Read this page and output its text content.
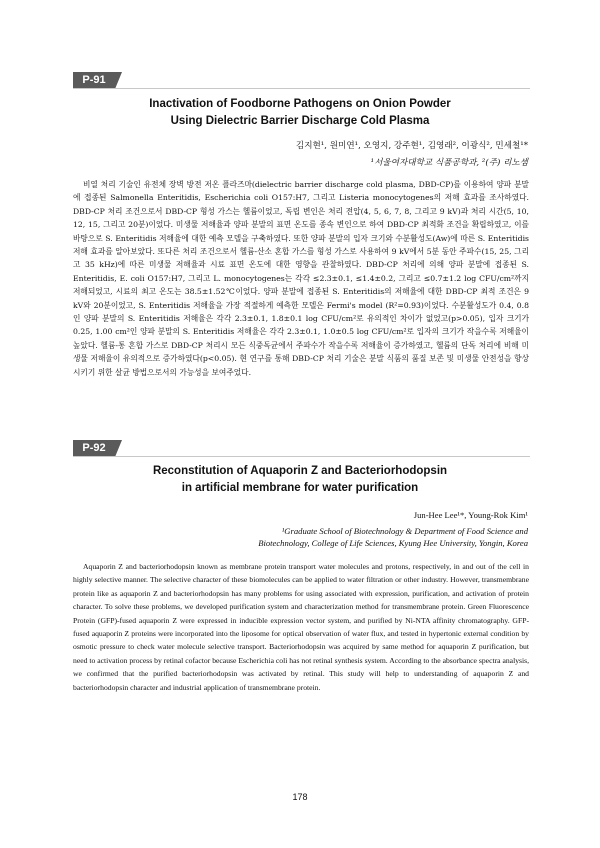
P-91
Inactivation of Foodborne Pathogens on Onion Powder
Using Dielectric Barrier Discharge Cold Plasma
김지현¹, 원미연¹, 오영지, 강주현¹, 김영래², 이광식², 민세철¹*
¹서울여자대학교 식품공학과, ²(주) 리노셈

비열 처리 기술인 유전체 장벽 방전 저온 플라즈마(dielectric barrier discharge cold plasma, DBD-CP)를 이용하여 양파 분말에 접종된 Salmonella Enteritidis, Escherichia coli O157:H7, 그리고 Listeria monocytogenes의 저해 효과를 조사하였다. DBD-CP 처리 조건으로서 DBD-CP 형성 가스는 헬륨이었고, 독립 변인은 처리 전압(4, 5, 6, 7, 8, 그리고 9 kV)과 처리 시간(5, 10, 12, 15, 그리고 20분)이었다. 미생물 저해율과 양파 분말의 표면 온도를 종속 변인으로 하여 DBD-CP 최적화 조건을 확립하였고, 이를 바탕으로 S. Enteritidis 저해율에 대한 예측 모델을 구축하였다. 또한 양파 분말의 입자 크기와 수분활성도(Aw)에 따른 S. Enteritidis 저해 효과를 알아보았다. 또다른 처리 조건으로서 헬륨-산소 혼합 가스를 형성 가스로 사용하여 9 kV에서 5분 동안 주파수(15, 25, 그리고 35 kHz)에 따른 미생물 저해율과 시료 표면 온도에 대한 영향을 관찰하였다. DBD-CP 처리에 의해 양파 분말에 접종된 S. Enteritidis, E. coli O157:H7, 그리고 L. monocytogenes는 각각 ≤2.3±0.1, ≤1.4±0.2, 그리고 ≤0.7±1.2 log CFU/cm²까지 저해되었고, 시료의 최고 온도는 38.5±1.52℃이었다. 양파 분말에 접종된 S. Enteritidis의 저해율에 대한 DBD-CP 최적 조건은 9 kV와 20분이었고, S. Enteritidis 저해율을 가장 적절하게 예측한 모델은 Fermi's model (R²=0.93)이었다. 수분활성도가 0.4, 0.8인 양파 분말의 S. Enteritidis 저해율은 각각 2.3±0.1, 1.8±0.1 log CFU/cm²로 유의적인 차이가 없었고(p>0.05), 입자 크기가 0.25, 1.00 cm²인 양파 분말의 S. Enteritidis 저해율은 각각 2.3±0.1, 1.0±0.5 log CFU/cm²로 입자의 크기가 작을수록 저해율이 높았다. 헬륨-통 혼합 가스로 DBD-CP 처리시 모든 식중독균에서 주파수가 작을수록 저해율이 증가하였고, 헬륨의 단독 처리에 비해 미생물 저해율이 유의적으로 증가하였다(p<0.05). 현 연구를 통해 DBD-CP 처리 기술은 분말 식품의 품질 보존 및 미생물 안전성을 향상시키기 위한 살균 방법으로서의 가능성을 보여주었다.

P-92
Reconstitution of Aquaporin Z and Bacteriorhodopsin
in artificial membrane for water purification
Jun-Hee Lee¹*, Young-Rok Kim¹
¹Graduate School of Biotechnology & Department of Food Science and
Biotechnology, College of Life Sciences, Kyung Hee University, Yongin, Korea

Aquaporin Z and bacteriorhodopsin known as membrane protein transport water molecules and protons, respectively, in and out of the cell in highly selective manner. The selective character of these biomolecules can be applied to water filtration or other industry. However, transmembrane protein like as aquaporin Z and bacteriorhodopsin has many problems for using associated with expression, purification, and activation of protein character. To solve these problems, we developed purification system and characterization method for transmembrane protein. Green Fluorescence Protein (GFP)-fused aquaporin Z were expressed in inducible expression vector system, and purified by Ni-NTA affinity chromatography. GFP-fused aquaporin Z proteins were incorporated into the liposome for optical observation of water flux, and tested in hypertonic external condition by osmotic pressure to check water molecule selective transport. Bacteriorhodopsin was acquired by same method for aquaporin Z purification, but need to activation process by retinal cofactor because Escherichia coli has not retinal synthesis system. According to the absorbance spectra analysis, we confirmed that the purified bacteriorhodopsin was activated by retinal. This study will help to understanding of aquaporin Z and bacteriorhodopsin character and industrial application of transmembrane protein.

178
